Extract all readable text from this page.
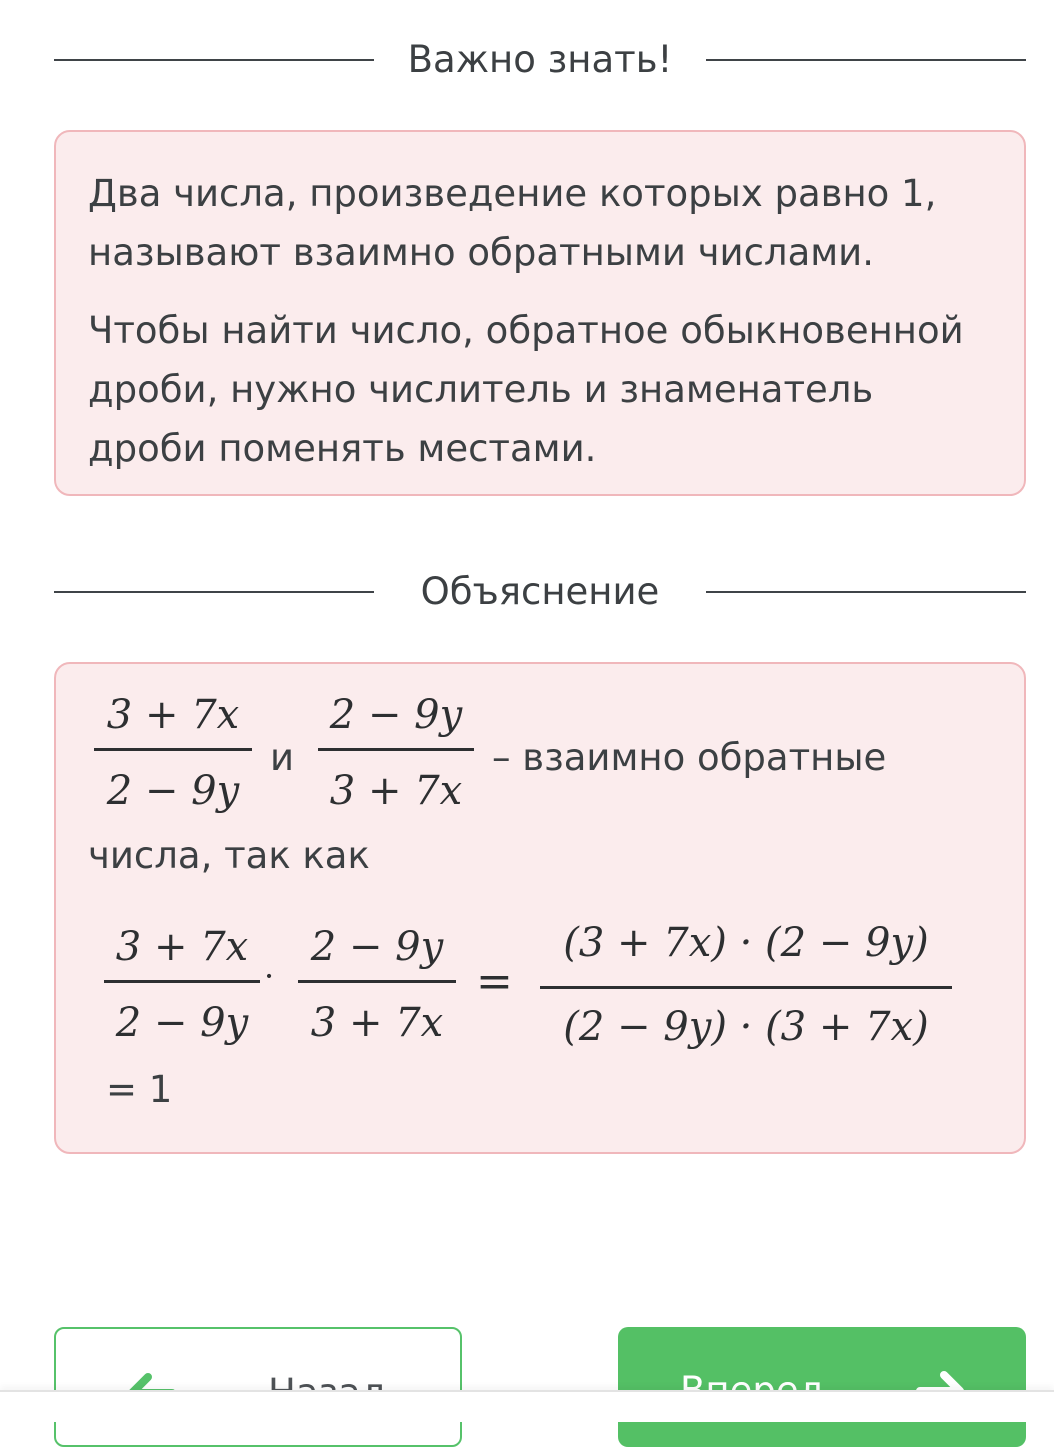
Важно знать!

Два числа, произведение которых равно 1, называют взаимно обратными числами.

Чтобы найти число, обратное обыкновенной дроби, нужно числитель и знаменатель дроби поменять местами.

Объяснение
3 + 7x
2 − 9y
и
2 − 9y
3 + 7x
– взаимно обратные
числа, так как
3 + 7x
2 − 9y
·
2 − 9y
3 + 7x
=
(3 + 7x) · (2 − 9y)
(2 − 9y) · (3 + 7x)
= 1
